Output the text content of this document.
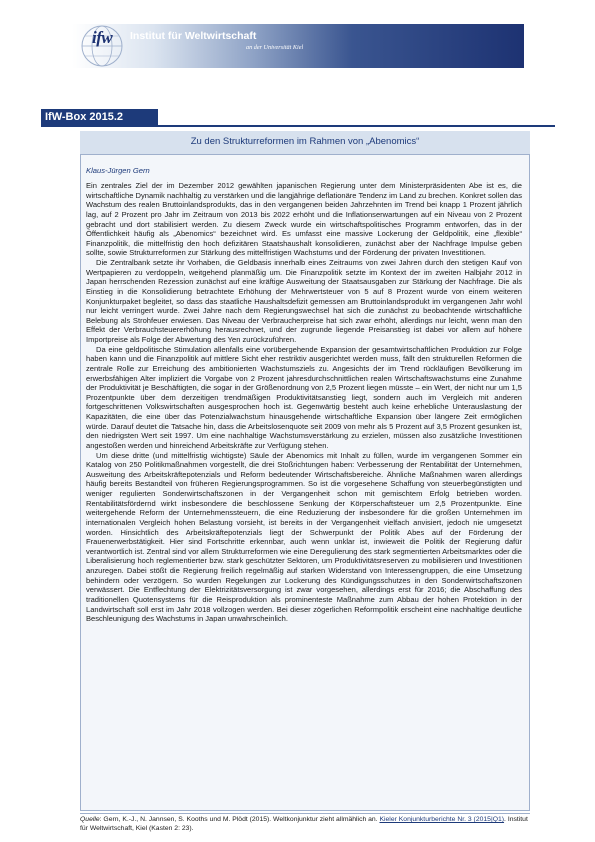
ifw Institut für Weltwirtschaft
an der Universität Kiel
IfW-Box 2015.2
Zu den Strukturreformen im Rahmen von „Abenomics“
Klaus-Jürgen Gern

Ein zentrales Ziel der im Dezember 2012 gewählten japanischen Regierung unter dem Ministerpräsidenten Abe ist es, die wirtschaftliche Dynamik nachhaltig zu verstärken und die langjährige deflationäre Tendenz im Land zu brechen. Konkret sollen das Wachstum des realen Bruttoinlandsprodukts, das in den vergangenen beiden Jahrzehnten im Trend bei knapp 1 Prozent jährlich lag, auf 2 Prozent pro Jahr im Zeitraum von 2013 bis 2022 erhöht und die Inflationserwartungen auf ein Niveau von 2 Prozent gebracht und dort stabilisiert werden. Zu diesem Zweck wurde ein wirtschaftspolitisches Programm entworfen, das in der Öffentlichkeit häufig als „Abenomics“ bezeichnet wird. Es umfasst eine massive Lockerung der Geldpolitik, eine „flexible“ Finanzpolitik, die mittelfristig den hoch defizitären Staatshaushalt konsolidieren, zunächst aber der Nachfrage Impulse geben sollte, sowie Strukturreformen zur Stärkung des mittelfristigen Wachstums und der Förderung der privaten Investitionen.

Die Zentralbank setzte ihr Vorhaben, die Geldbasis innerhalb eines Zeitraums von zwei Jahren durch den stetigen Kauf von Wertpapieren zu verdoppeln, weitgehend planmäßig um. Die Finanzpolitik setzte im Kontext der im zweiten Halbjahr 2012 in Japan herrschenden Rezession zunächst auf eine kräftige Ausweitung der Staatsausgaben zur Stärkung der Nachfrage. Die als Einstieg in die Konsolidierung betrachtete Erhöhung der Mehrwertsteuer von 5 auf 8 Prozent wurde von einem weiteren Konjunkturpaket begleitet, so dass das staatliche Haushaltsdefizit gemessen am Bruttoinlandsprodukt im vergangenen Jahr wohl nur leicht verringert wurde. Zwei Jahre nach dem Regierungswechsel hat sich die zunächst zu beobachtende wirtschaftliche Belebung als Strohfeuer erwiesen. Das Niveau der Verbraucherpreise hat sich zwar erhöht, allerdings nur leicht, wenn man den Effekt der Verbrauchsteuererhöhung herausrechnet, und der zugrunde liegende Preisanstieg ist dabei vor allem auf höhere Importpreise als Folge der Abwertung des Yen zurückzuführen.

Da eine geldpolitische Stimulation allenfalls eine vorübergehende Expansion der gesamtwirtschaftlichen Produktion zur Folge haben kann und die Finanzpolitik auf mittlere Sicht eher restriktiv ausgerichtet werden muss, fällt den strukturellen Reformen die zentrale Rolle zur Erreichung des ambitionierten Wachstumsziels zu. Angesichts der im Trend rückläufigen Bevölkerung im erwerbsfähigen Alter impliziert die Vorgabe von 2 Prozent jahresdurchschnittlichen realen Wirtschaftswachstums eine Zunahme der Produktivität je Beschäftigten, die sogar in der Größenordnung von 2,5 Prozent liegen müsste – ein Wert, der nicht nur um 1,5 Prozentpunkte über dem derzeitigen trendmäßigen Produktivitätsanstieg liegt, sondern auch im Vergleich mit anderen fortgeschrittenen Volkswirtschaften ausgesprochen hoch ist. Gegenwärtig besteht auch keine erhebliche Unterauslastung der Kapazitäten, die eine über das Potenzialwachstum hinausgehende wirtschaftliche Expansion über längere Zeit ermöglichen würde. Darauf deutet die Tatsache hin, dass die Arbeitslosenquote seit 2009 von mehr als 5 Prozent auf 3,5 Prozent gesunken ist, den niedrigsten Wert seit 1997. Um eine nachhaltige Wachstumsverstärkung zu erzielen, müssen also zusätzliche Investitionen angestoßen werden und hinreichend Arbeitskräfte zur Verfügung stehen.

Um diese dritte (und mittelfristig wichtigste) Säule der Abenomics mit Inhalt zu füllen, wurde im vergangenen Sommer ein Katalog von 250 Politikmaßnahmen vorgestellt, die drei Stoßrichtungen haben: Verbesserung der Rentabilität der Unternehmen, Ausweitung des Arbeitskräftepotenzials und Reform bedeutender Wirtschaftsbereiche. Ähnliche Maßnahmen waren allerdings häufig bereits Bestandteil von früheren Regierungsprogrammen. So ist die vorgesehene Schaffung von steuerbegünstigten und weniger regulierten Sonderwirtschaftszonen in der Vergangenheit schon mit gemischtem Erfolg betrieben worden. Rentabilitätsfördernd wirkt insbesondere die beschlossene Senkung der Körperschaftsteuer um 2,5 Prozentpunkte. Eine weitergehende Reform der Unternehmenssteuern, die eine Reduzierung der insbesondere für die großen Unternehmen im internationalen Vergleich hohen Belastung vorsieht, ist bereits in der Vergangenheit vielfach anvisiert, jedoch nie umgesetzt worden. Hinsichtlich des Arbeitskräftepotenzials liegt der Schwerpunkt der Politik Abes auf der Förderung der Frauenerwerbstätigkeit. Hier sind Fortschritte erkennbar, auch wenn unklar ist, inwieweit die Politik der Regierung dafür verantwortlich ist. Zentral sind vor allem Strukturreformen wie eine Deregulierung des stark segmentierten Arbeitsmarktes oder die Liberalisierung hoch reglementierter bzw. stark geschützter Sektoren, um Produktivitätsreserven zu mobilisieren und Investitionen anzuregen. Dabei stößt die Regierung freilich regelmäßig auf starken Widerstand von Interessengruppen, die eine Umsetzung behindern oder verzögern. So wurden Regelungen zur Lockerung des Kündigungsschutzes in den Sonderwirtschaftszonen verwässert. Die Entflechtung der Elektrizitätsversorgung ist zwar vorgesehen, allerdings erst für 2016; die Abschaffung des traditionellen Quotensystems für die Reisproduktion als prominenteste Maßnahme zum Abbau der hohen Protektion in der Landwirtschaft soll erst im Jahr 2018 vollzogen werden. Bei dieser zögerlichen Reformpolitik erscheint eine nachhaltige deutliche Beschleunigung des Wachstums in Japan unwahrscheinlich.

Quelle: Gern, K.-J., N. Jannsen, S. Kooths und M. Plödt (2015). Weltkonjunktur zieht allmählich an. Kieler Konjunkturberichte Nr. 3 (2015|Q1). Institut für Weltwirtschaft, Kiel (Kasten 2: 23).
